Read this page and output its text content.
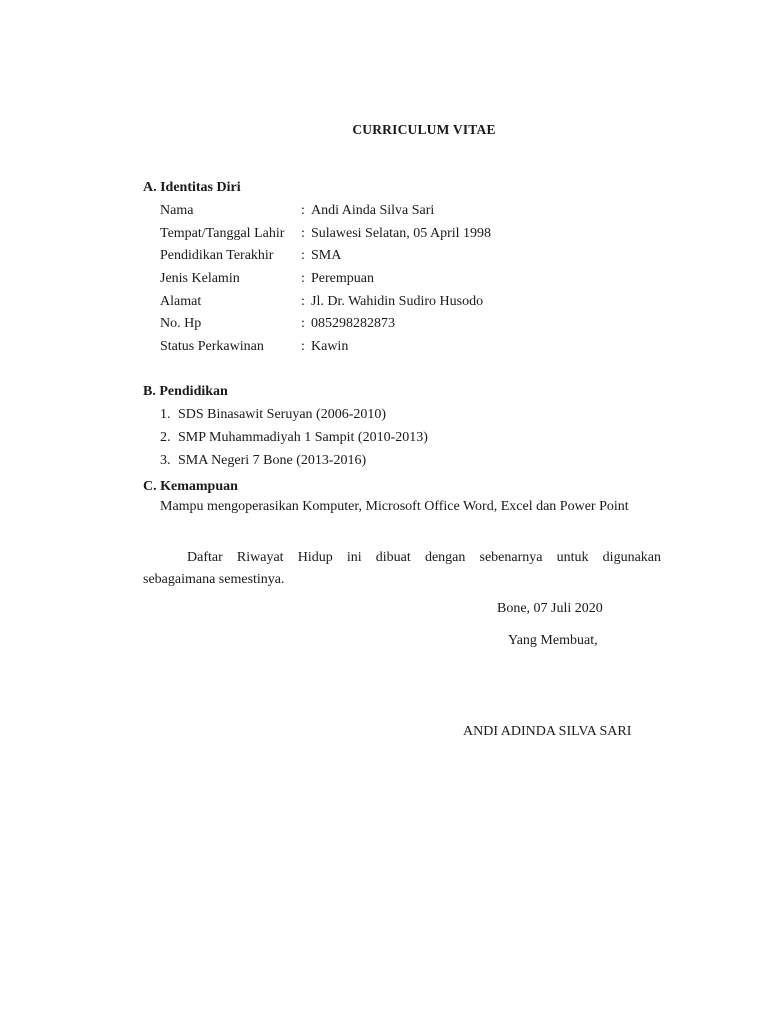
CURRICULUM VITAE
A. Identitas Diri
Nama	: Andi Ainda Silva Sari
Tempat/Tanggal Lahir : Sulawesi Selatan, 05 April 1998
Pendidikan Terakhir : SMA
Jenis Kelamin	: Perempuan
Alamat	: Jl. Dr. Wahidin Sudiro Husodo
No. Hp	: 085298282873
Status Perkawinan	: Kawin
B. Pendidikan
1. SDS Binasawit Seruyan (2006-2010)
2. SMP Muhammadiyah 1 Sampit (2010-2013)
3. SMA Negeri 7 Bone (2013-2016)
C. Kemampuan
Mampu mengoperasikan Komputer, Microsoft Office Word, Excel dan Power Point
Daftar Riwayat Hidup ini dibuat dengan sebenarnya untuk digunakan
sebagaimana semestinya.
Bone, 07 Juli 2020
Yang Membuat,
ANDI ADINDA SILVA SARI
